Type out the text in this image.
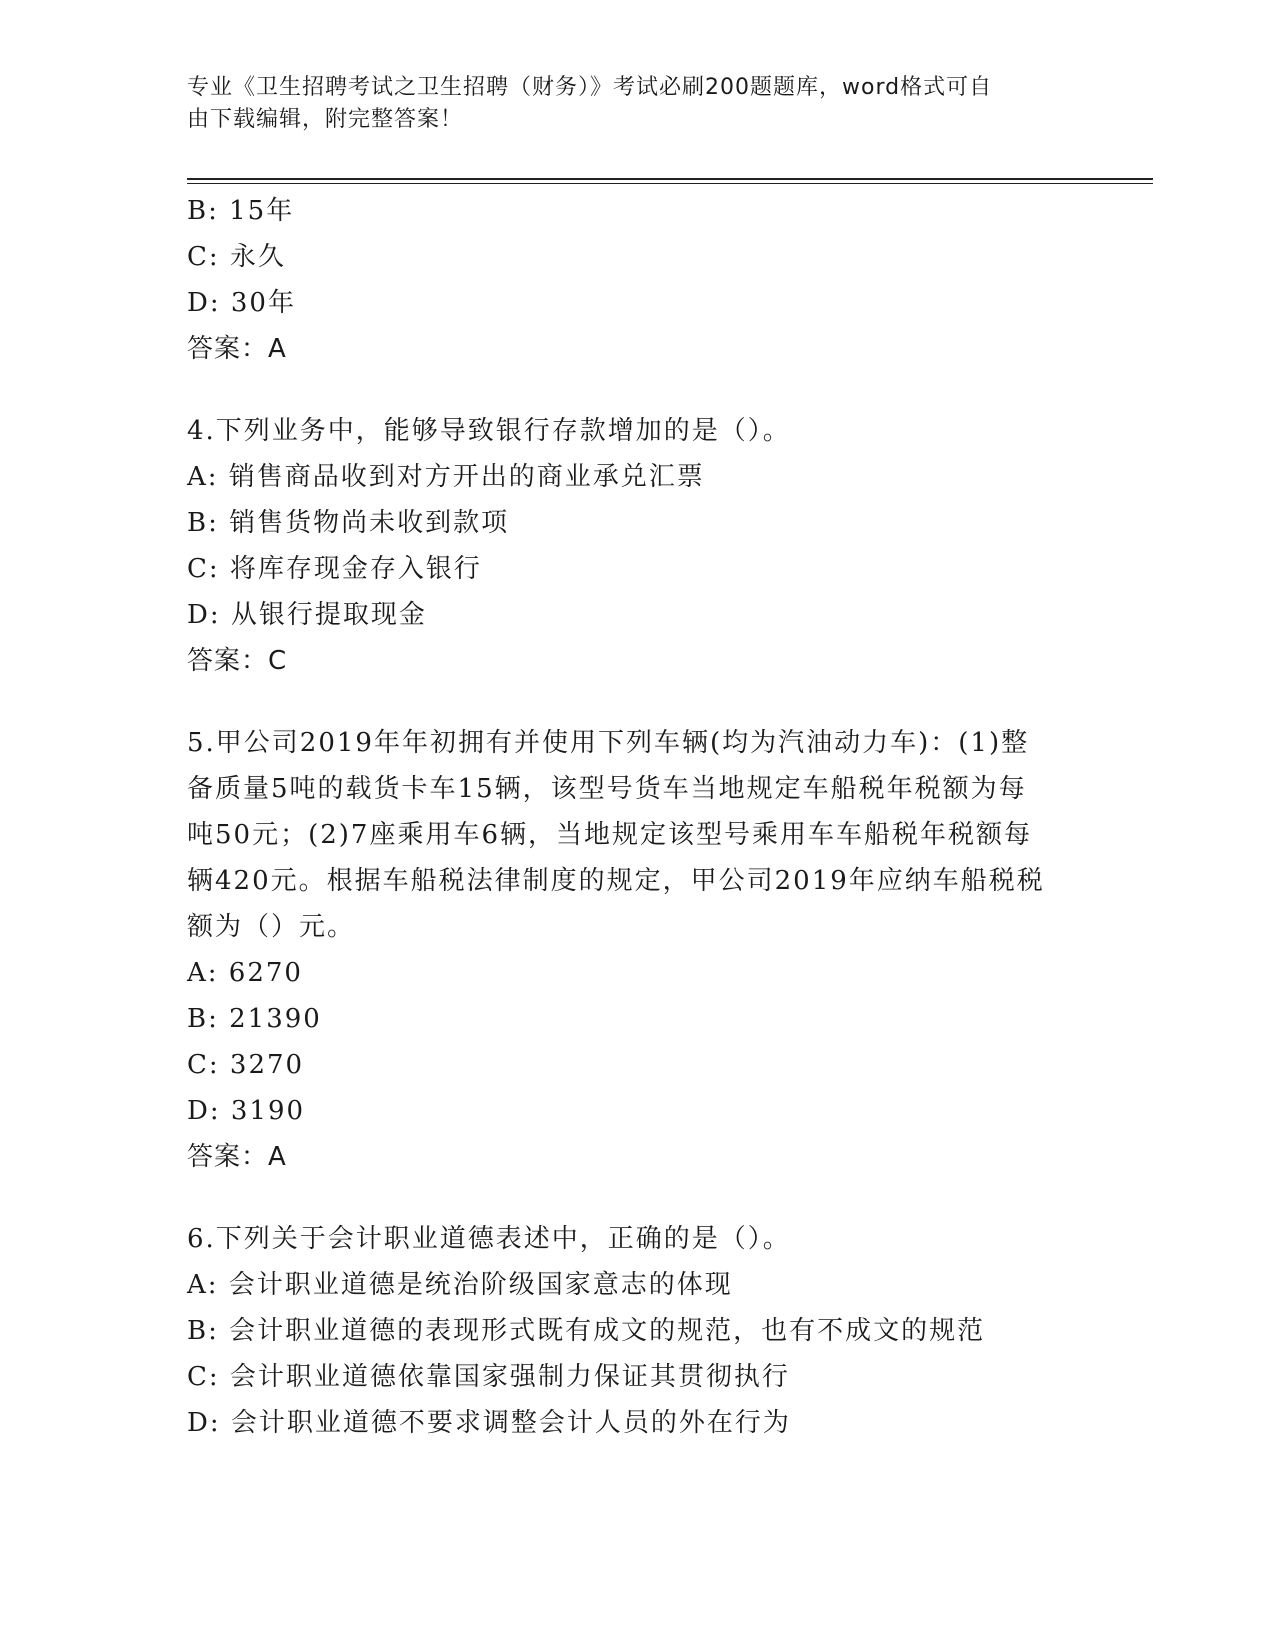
专业《卫生招聘考试之卫生招聘（财务）》考试必刷200题题库，word格式可自
由下载编辑，附完整答案！
B: 15年
C: 永久
D: 30年
答案：A
4.下列业务中，能够导致银行存款增加的是（）。
A: 销售商品收到对方开出的商业承兑汇票
B: 销售货物尚未收到款项
C: 将库存现金存入银行
D: 从银行提取现金
答案：C
5.甲公司2019年年初拥有并使用下列车辆(均为汽油动力车)：(1)整
备质量5吨的载货卡车15辆，该型号货车当地规定车船税年税额为每
吨50元；(2)7座乘用车6辆，当地规定该型号乘用车车船税年税额每
辆420元。根据车船税法律制度的规定，甲公司2019年应纳车船税税
额为（）元。
A: 6270
B: 21390
C: 3270
D: 3190
答案：A
6.下列关于会计职业道德表述中，正确的是（）。
A: 会计职业道德是统治阶级国家意志的体现
B: 会计职业道德的表现形式既有成文的规范，也有不成文的规范
C: 会计职业道德依靠国家强制力保证其贯彻执行
D: 会计职业道德不要求调整会计人员的外在行为
